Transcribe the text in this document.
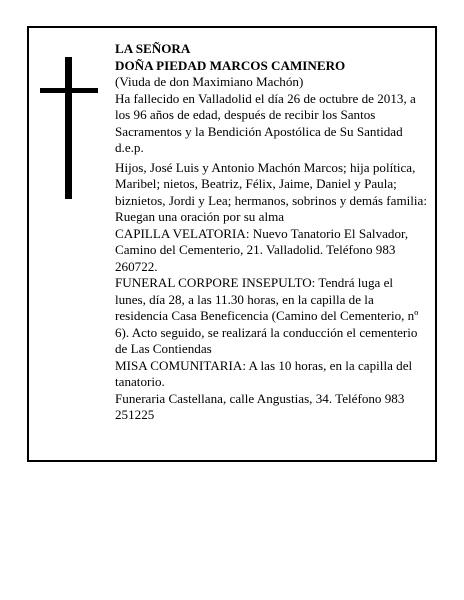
LA SEÑORA

DOÑA PIEDAD MARCOS CAMINERO

(Viuda de don Maximiano Machón)

Ha fallecido en Valladolid el día 26 de octubre de 2013, a los 96 años de edad, después de recibir los Santos Sacramentos y la Bendición Apostólica de Su Santidad

d.e.p.

Hijos, José Luis y Antonio Machón Marcos; hija política, Maribel; nietos, Beatriz, Félix, Jaime, Daniel y Paula; biznietos, Jordi y Lea; hermanos, sobrinos y demás familia:

Ruegan una oración por su alma

CAPILLA VELATORIA: Nuevo Tanatorio El Salvador, Camino del Cementerio, 21. Valladolid. Teléfono 983 260722.

FUNERAL CORPORE INSEPULTO: Tendrá luga el lunes, día 28, a las 11.30 horas, en la capilla de la residencia Casa Beneficencia (Camino del Cementerio, nº 6). Acto seguido, se realizará la conducción el cementerio de Las Contiendas

MISA COMUNITARIA: A las 10 horas, en la capilla del tanatorio.

Funeraria Castellana, calle Angustias, 34. Teléfono 983 251225
